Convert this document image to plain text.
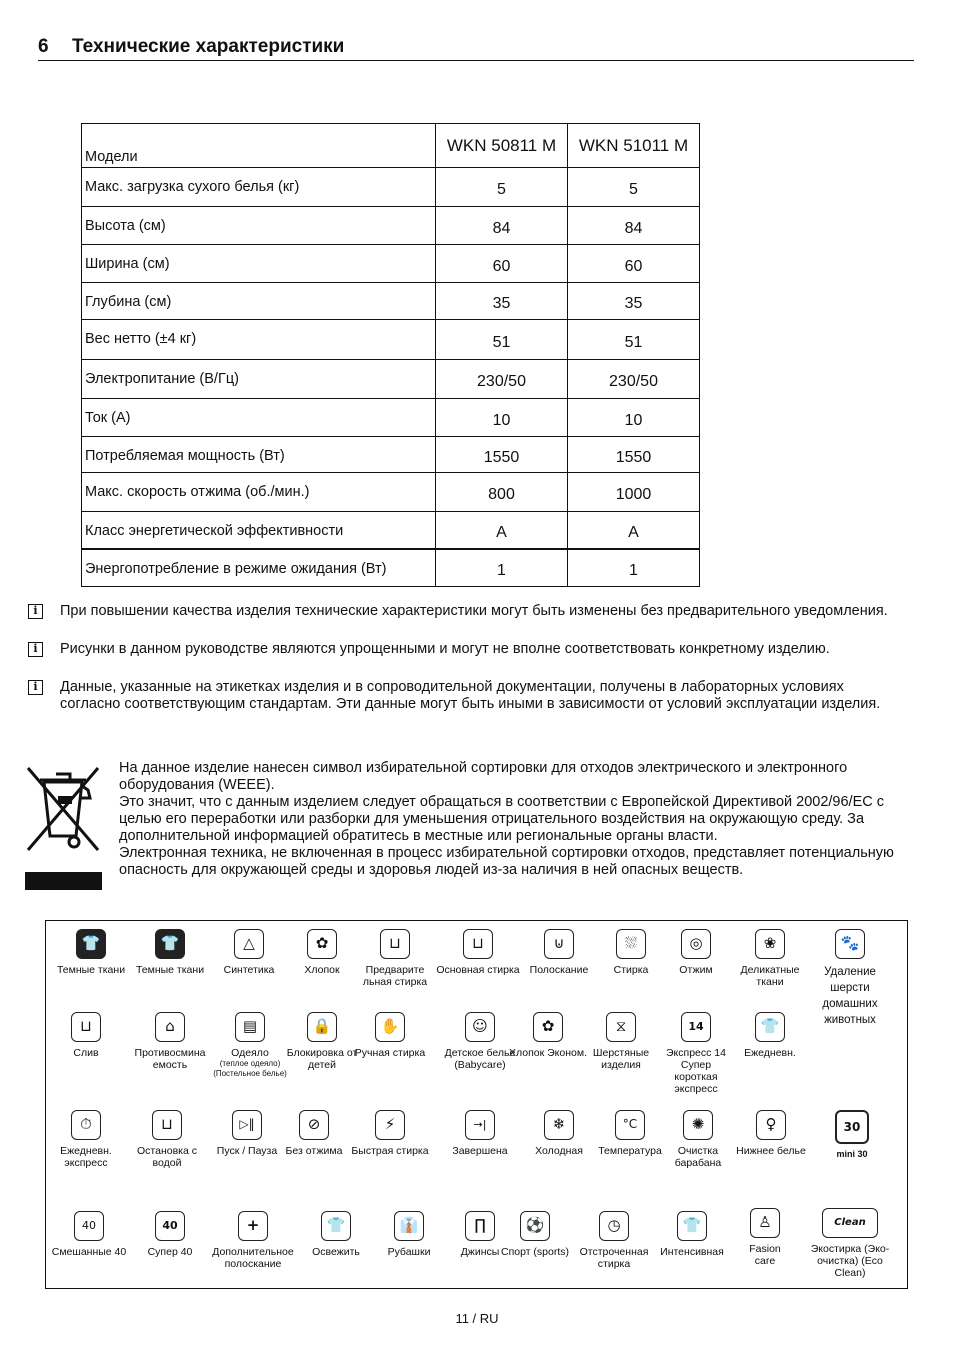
6 Технические характеристики
Модели	WKN 50811 M	WKN 51011 M
Макс. загрузка сухого белья (кг)	5	5
Высота (см)	84	84
Ширина (см)	60	60
Глубина (см)	35	35
Вес нетто (±4 кг)	51	51
Электропитание (В/Гц)	230/50	230/50
Ток (А)	10	10
Потребляемая мощность (Вт)	1550	1550
Макс. скорость отжима (об./мин.)	800	1000
Класс энергетической эффективности	A	A
Энергопотребление в режиме ожидания (Вт)	1	1
i	При повышении качества изделия технические характеристики могут быть изменены без предварительного уведомления.
i	Рисунки в данном руководстве являются упрощенными и могут не вполне соответствовать конкретному изделию.
i	Данные, указанные на этикетках изделия и в сопроводительной документации, получены в лабораторных условиях согласно соответствующим стандартам. Эти данные могут быть иными в зависимости от условий эксплуатации изделия.

На данное изделие нанесен символ избирательной сортировки для отходов электрического и электронного оборудования (WEEE).

Это значит, что с данным изделием следует обращаться в соответствии с Европейской Директивой 2002/96/ЕС с целью его переработки или разборки для уменьшения отрицательного воздействия на окружающую среду. За дополнительной информацией обратитесь в местные или региональные органы власти.

Электронная техника, не включенная в процесс избирательной сортировки отходов, представляет потенциальную опасность для окружающей среды и здоровья людей из-за наличия в ней опасных веществ.

👕
Темные ткани
👕
Темные ткани
△
Синтетика
✿
Хлопок
⊔
Предварите льная стирка
⊔
Основная стирка
⊍
Полоскание
⛆
Стирка
◎
Отжим
❀
Деликатные ткани
🐾
Удаление шерсти домашних животных
⊔
Слив
⌂
Противосмина емость
▤
Одеяло
(теплое одеяло) (Постельное белье)
🔒
Блокировка от детей
✋
Ручная стирка
☺
Детское белье (Babycare)
✿
Хлопок Эконом.
⧖
Шерстяные изделия
14
Экспресс 14
Супер короткая экспресс
👕
Ежедневн.
⏱
Ежедневн. экспресс
⊔
Остановка с водой
▷‖
Пуск / Пауза
⊘
Без отжима
⚡
Быстрая стирка
→|
Завершена
❄
Холодная
°C
Температура
✺
Очистка барабана
♀
Нижнее белье
30
mini 30
40
Смешанные 40
40
Супер 40
+
Дополнительное полоскание
👕
Освежить
👔
Рубашки
∏
Джинсы
⚽
Спорт (sports)
◷
Отстроченная стирка
👕
Интенсивная
♙
Fasion care
Clean
Экостирка (Эко-очистка) (Eco Clean)
11 / RU
